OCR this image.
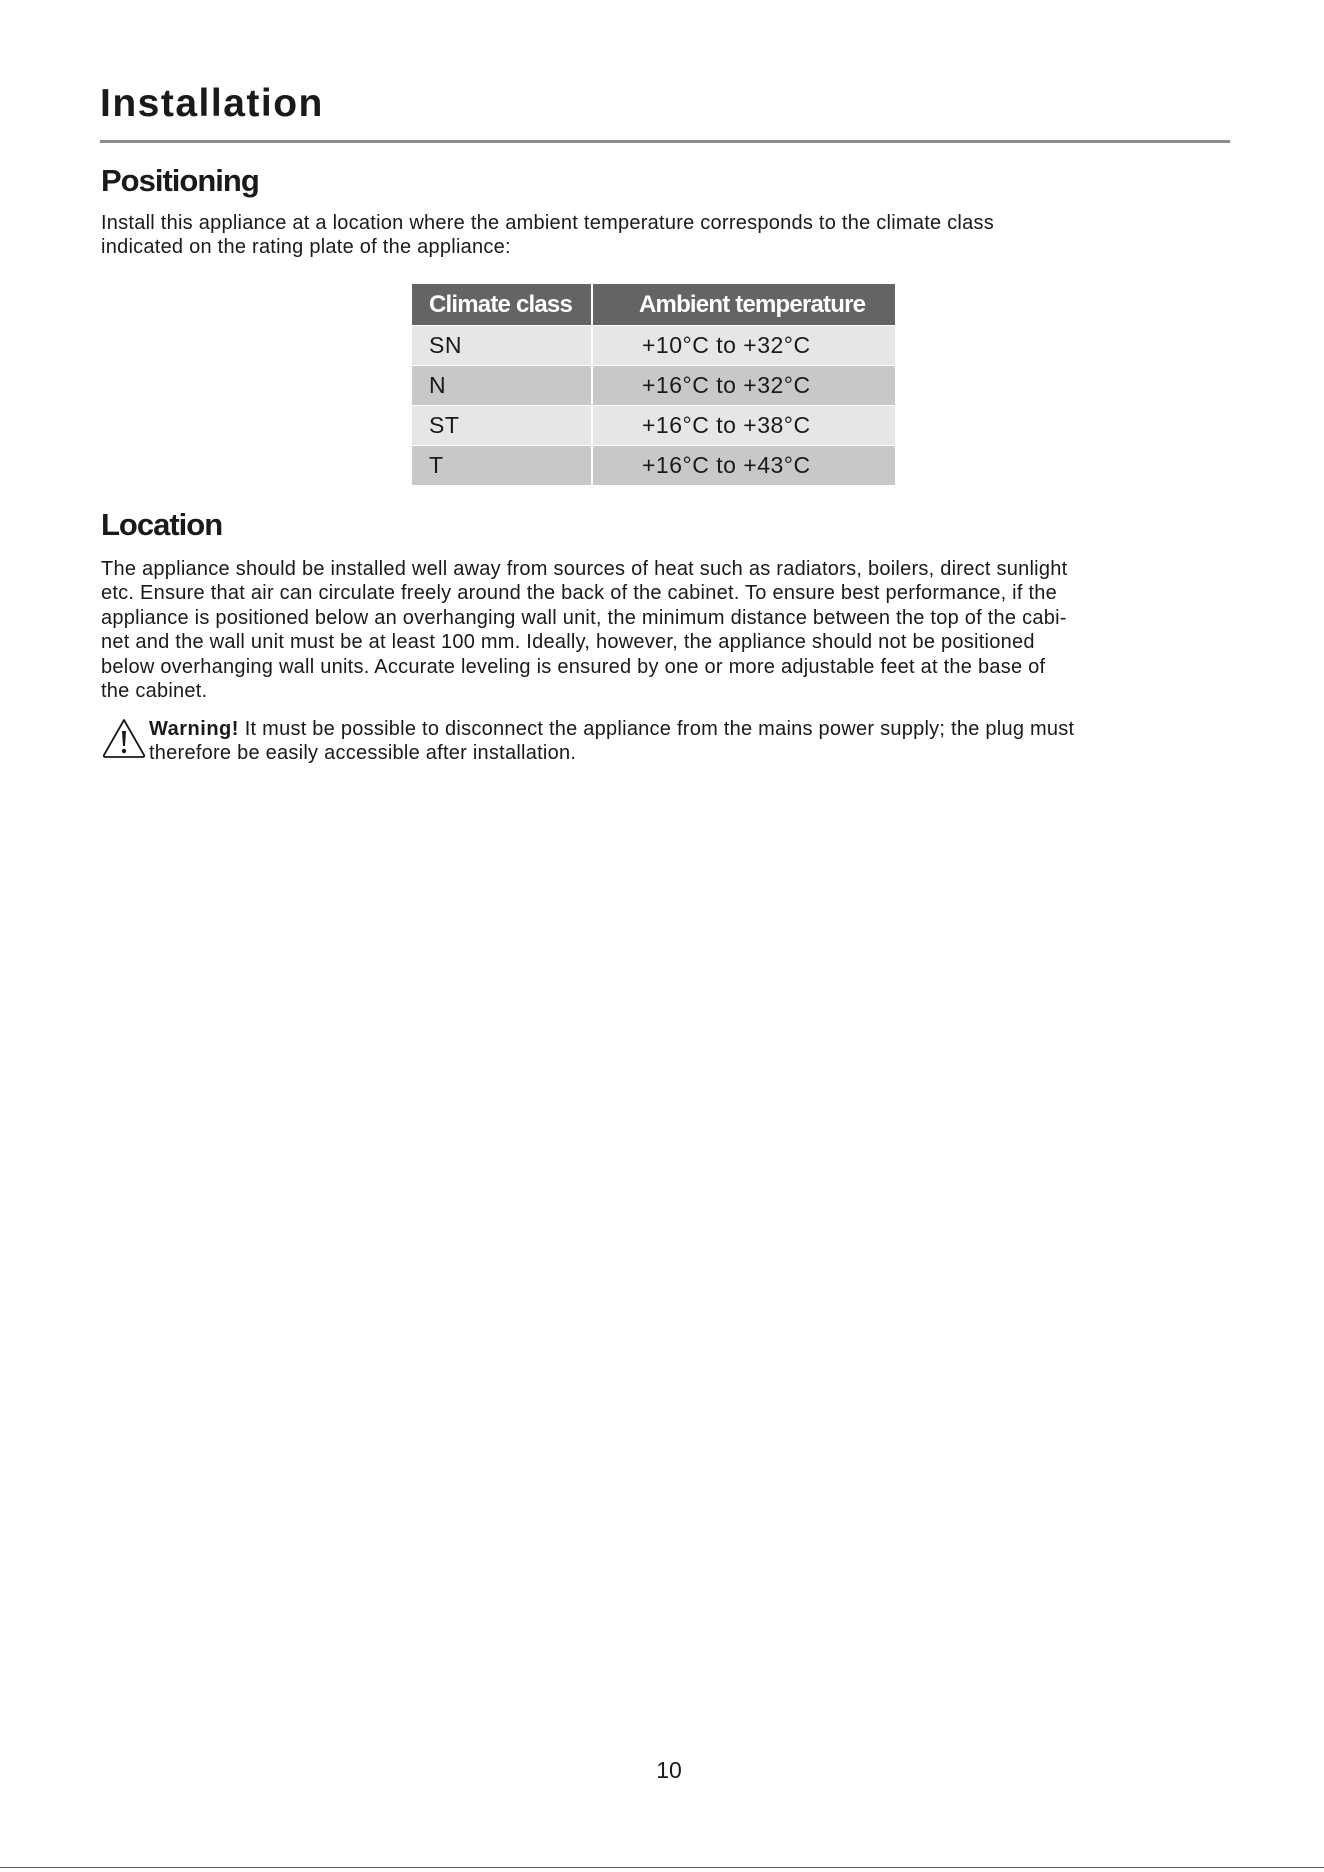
Installation
Positioning

Install this appliance at a location where the ambient temperature corresponds to the climate class
indicated on the rating plate of the appliance:

Climate class	Ambient temperature
SN	+10°C to +32°C
N	+16°C to +32°C
ST	+16°C to +38°C
T	+16°C to +43°C
Location

The appliance should be installed well away from sources of heat such as radiators, boilers, direct sunlight
etc. Ensure that air can circulate freely around the back of the cabinet. To ensure best performance, if the
appliance is positioned below an overhanging wall unit, the minimum distance between the top of the cabi-
net and the wall unit must be at least 100 mm. Ideally, however, the appliance should not be positioned
below overhanging wall units. Accurate leveling is ensured by one or more adjustable feet at the base of
the cabinet.

Warning! It must be possible to disconnect the appliance from the mains power supply; the plug must
therefore be easily accessible after installation.

10
